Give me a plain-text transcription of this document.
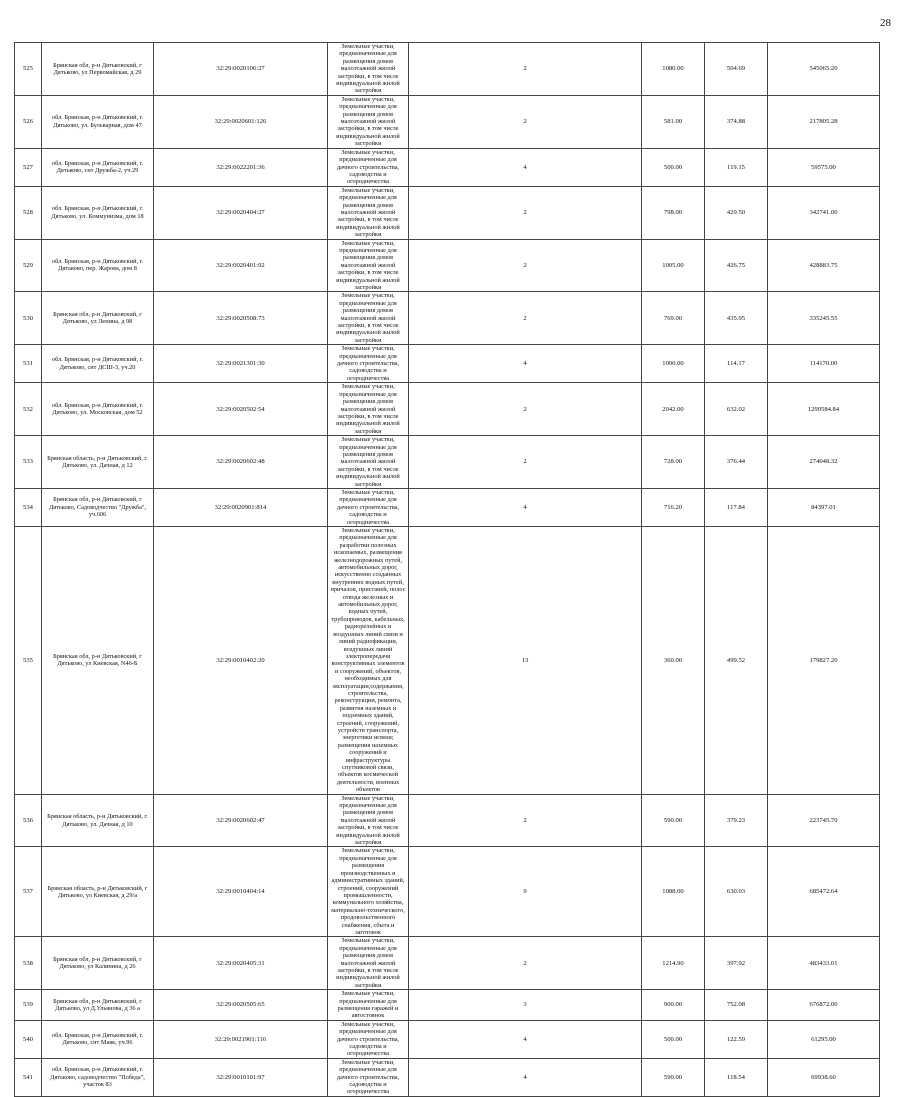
28
525	Брянская обл, р-н Дятьковский, г Дятьково, ул Первомайская, д 29	32:29:0020106:27	Земельные участки, предназначенные для размещения домов малоэтажной жилой застройки, в том числе индивидуальной жилой застройки	2	1080.00	504.69	545065.20
526	обл. Брянская, р-н Дятьковский, г. Дятьково, ул. Бульварная, дом 47	32:29:0020601:126	Земельные участки, предназначенные для размещения домов малоэтажной жилой застройки, в том числе индивидуальной жилой застройки	2	581.00	374.88	217805.28
527	обл. Брянская, р-н Дятьковский, г. Дятьково, снт Дружба-2, уч.29	32:29:0022201:36	Земельные участки, предназначенные для дачного строительства, садоводства и огородничества	4	500.00	119.15	59575.00
528	обл. Брянская, р-н Дятьковский, г. Дятьково, ул. Коммунизма, дом 18	32:29:0020404:27	Земельные участки, предназначенные для размещения домов малоэтажной жилой застройки, в том числе индивидуальной жилой застройки	2	798.00	429.50	342741.00
529	обл. Брянская, р-н Дятьковский, г. Дятьково, пер. Жарова, дом 8	32:29:0020401:92	Земельные участки, предназначенные для размещения домов малоэтажной жилой застройки, в том числе индивидуальной жилой застройки	2	1005.00	426.75	428883.75
530	Брянская обл, р-н Дятьковский, г Дятьково, ул Ленина, д 98	32:29:0020508:73	Земельные участки, предназначенные для размещения домов малоэтажной жилой застройки, в том числе индивидуальной жилой застройки	2	769.00	435.95	335245.55
531	обл. Брянская, р-н Дятьковский, г. Дятьково, снт ДСШ-3, уч.20	32:29:0021301:30	Земельные участки, предназначенные для дачного строительства, садоводства и огородничества	4	1000.00	114.17	114170.00
532	обл. Брянская, р-н Дятьковский, г. Дятьково, ул. Московская, дом 52	32:29:0020502:54	Земельные участки, предназначенные для размещения домов малоэтажной жилой застройки, в том числе индивидуальной жилой застройки	2	2042.00	632.02	1290584.84
533	Брянская область, р-н Дятьковский, г. Дятьково, ул. Дачная, д 12	32:29:0020602:48	Земельные участки, предназначенные для размещения домов малоэтажной жилой застройки, в том числе индивидуальной жилой застройки	2	728.00	376.44	274048.32
534	Брянская обл, р-н Дятьковский, г Дятьково, Садоводчество "Дружба", уч.606	32:29:0020901:814	Земельные участки, предназначенные для дачного строительства, садоводства и огородничества	4	716.20	117.84	84397.01
535	Брянская обл, р-н Дятьковский, г Дятьково, ул Киевская, N46-Б	32:29:0010402:20	Земельные участки, предназначенные для разработки полезных ископаемых, размещения железнодорожных путей, автомобильных дорог, искусственно созданных внутренних водных путей, причалов, пристаней, полос отвода железных и автомобильных дорог, водных путей, трубопроводов, кабельных, радиорелейных и воздушных линий связи и линий радиофикации, воздушных линий электропередачи конструктивных элементов и сооружений, объектов, необходимых для эксплуатации,содержания, строительства, реконструкции, ремонта, развития наземных и подземных зданий, строений, сооружений, устройств транспорта, энергетики исвязи; размещения наземных сооружений и инфраструктуры спутниковой связи, объектов космической деятельности, военных объектов	13	360.00	499.52	179827.20
536	Брянская область, р-н Дятьковский, г. Дятьково, ул. Дачная, д 10	32:29:0020602:47	Земельные участки, предназначенные для размещения домов малоэтажной жилой застройки, в том числе индивидуальной жилой застройки	2	590.00	379.23	223745.70
537	Брянская область, р-н Дятьковский, г Дятьково, ул Киевская, д 29/а	32:29:0010404:14	Земельные участки, предназначенные для размещения производственных и административных зданий, строений, сооружений промышленности, коммунального хозяйства, материально-технического, продовольственного снабжения, сбыта и заготовок	9	1088.00	630.03	685472.64
538	Брянская обл, р-н Дятьковский, г Дятьково, ул Калинина, д 26	32:29:0020405:31	Земельные участки, предназначенные для размещения домов малоэтажной жилой застройки, в том числе индивидуальной жилой застройки	2	1214.90	397.92	483433.01
539	Брянская обл, р-н Дятьковский, г Дятьково, ул Д.Ульянова, д 36 а	32:29:0020505:65	Земельные участки, предназначенные для размещения гаражей и автостоянок	3	900.00	752.08	676872.00
540	обл. Брянская, р-н Дятьковский, г. Дятьково, снт Маяк, уч.96	32:29:0021901:116	Земельные участки, предназначенные для дачного строительства, садоводства и огородничества	4	500.00	122.59	61295.00
541	обл. Брянская, р-н Дятьковский, г. Дятьково, садоводчество "Победа", участок 83	32:29:0010101:97	Земельные участки, предназначенные для дачного строительства, садоводства и огородничества	4	590.00	118.54	69938.60
